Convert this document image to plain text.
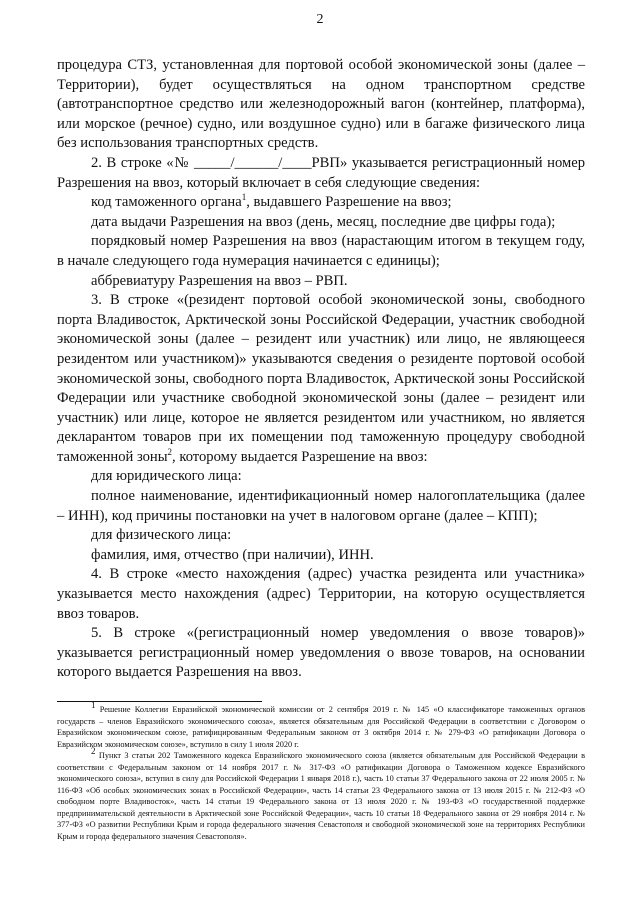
2

процедура СТЗ, установленная для портовой особой экономической зоны (далее – Территории), будет осуществляться на одном транспортном средстве (автотранспортное средство или железнодорожный вагон (контейнер, платформа), или морское (речное) судно, или воздушное судно) или в багаже физического лица без использования транспортных средств.

2. В строке «№ _____/______/____РВП» указывается регистрационный номер Разрешения на ввоз, который включает в себя следующие сведения:

код таможенного органа$^1$, выдавшего Разрешение на ввоз;

дата выдачи Разрешения на ввоз (день, месяц, последние две цифры года);

порядковый номер Разрешения на ввоз (нарастающим итогом в текущем году, в начале следующего года нумерация начинается с единицы);

аббревиатуру Разрешения на ввоз – РВП.

3. В строке «(резидент портовой особой экономической зоны, свободного порта Владивосток, Арктической зоны Российской Федерации, участник свободной экономической зоны (далее – резидент или участник) или лицо, не являющееся резидентом или участником)» указываются сведения о резиденте портовой особой экономической зоны, свободного порта Владивосток, Арктической зоны Российской Федерации или участнике свободной экономической зоны (далее – резидент или участник) или лице, которое не является резидентом или участником, но является декларантом товаров при их помещении под таможенную процедуру свободной таможенной зоны$^2$, которому выдается Разрешение на ввоз:

для юридического лица:

полное наименование, идентификационный номер налогоплательщика (далее – ИНН), код причины постановки на учет в налоговом органе (далее – КПП);

для физического лица:

фамилия, имя, отчество (при наличии), ИНН.

4. В строке «место нахождения (адрес) участка резидента или участника» указывается место нахождения (адрес) Территории, на которую осуществляется ввоз товаров.

5. В строке «(регистрационный номер уведомления о ввозе товаров)» указывается регистрационный номер уведомления о ввозе товаров, на основании которого выдается Разрешения на ввоз.

$^1$ Решение Коллегии Евразийской экономической комиссии от 2 сентября 2019 г. № 145 «О классификаторе таможенных органов государств – членов Евразийского экономического союза», является обязательным для Российской Федерации в соответствии с Договором о Евразийском экономическом союзе, ратифицированным Федеральным законом от 3 октября 2014 г. № 279-ФЗ «О ратификации Договора о Евразийском экономическом союзе», вступило в силу 1 июля 2020 г.

$^2$ Пункт 3 статьи 202 Таможенного кодекса Евразийского экономического союза (является обязательным для Российской Федерации в соответствии с Федеральным законом от 14 ноября 2017 г. № 317-ФЗ «О ратификации Договора о Таможенном кодексе Евразийского экономического союза», вступил в силу для Российской Федерации 1 января 2018 г.), часть 10 статьи 37 Федерального закона от 22 июля 2005 г. № 116-ФЗ «Об особых экономических зонах в Российской Федерации», часть 14 статьи 23 Федерального закона от 13 июля 2015 г. № 212-ФЗ «О свободном порте Владивосток», часть 14 статьи 19 Федерального закона от 13 июля 2020 г. № 193-ФЗ «О государственной поддержке предпринимательской деятельности в Арктической зоне Российской Федерации», часть 10 статьи 18 Федерального закона от 29 ноября 2014 г. № 377-ФЗ «О развитии Республики Крым и города федерального значения Севастополя и свободной экономической зоне на территориях Республики Крым и города федерального значения Севастополя».
